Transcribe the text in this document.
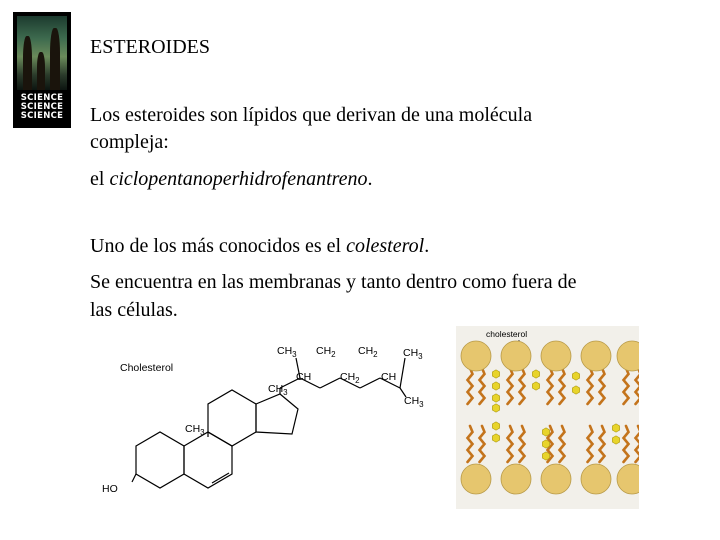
SCIENCE
SCIENCE
SCIENCE
ESTEROIDES
Los esteroides son lípidos que derivan de una molécula
compleja:
el ciclopentanoperhidrofenantreno.
Uno de los más conocidos es el colesterol.
Se encuentra en las membranas y tanto dentro como fuera de
las células.
Cholesterol
HO
$CH_3$
$CH_3$
$CH_3$ $CH_2$ $CH_2$ $CH_3$
CH	$CH_2$ CH
$CH_3$
cholesterol
